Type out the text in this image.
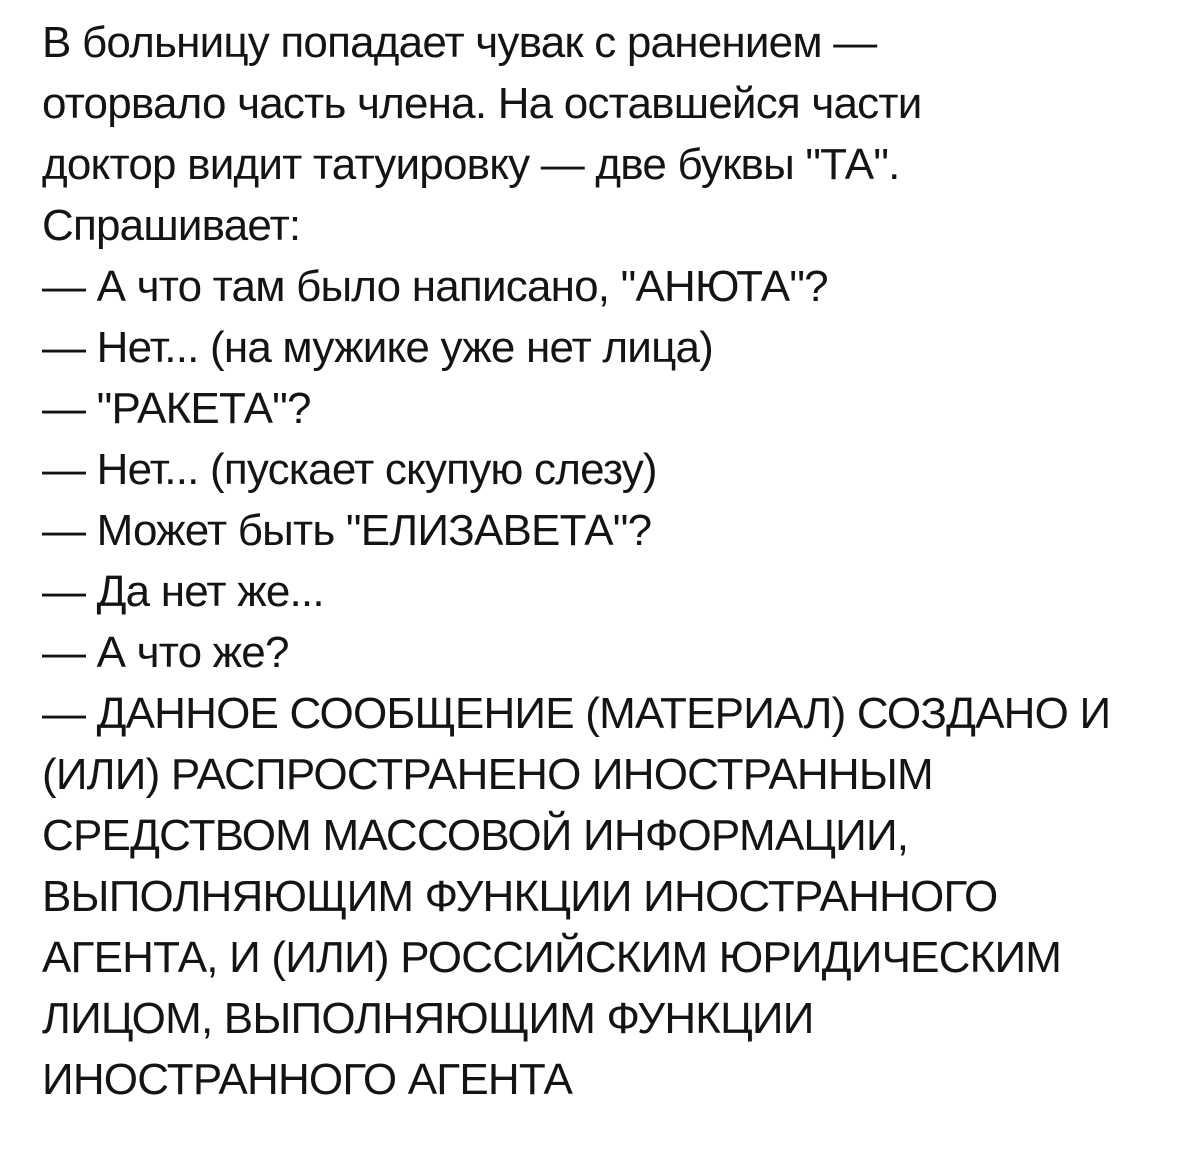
В больницу попадает чувак с ранением —
оторвало часть члена. На оставшейся части
доктор видит татуировку — две буквы "ТА".
Спрашивает:
— А что там было написано, "АНЮТА"?
— Нет... (на мужике уже нет лица)
— "РАКЕТА"?
— Нет... (пускает скупую слезу)
— Может быть "ЕЛИЗАВЕТА"?
— Да нет же...
— А что же?
— ДАННОЕ СООБЩЕНИЕ (МАТЕРИАЛ) СОЗДАНО И
(ИЛИ) РАСПРОСТРАНЕНО ИНОСТРАННЫМ
СРЕДСТВОМ МАССОВОЙ ИНФОРМАЦИИ,
ВЫПОЛНЯЮЩИМ ФУНКЦИИ ИНОСТРАННОГО
АГЕНТА, И (ИЛИ) РОССИЙСКИМ ЮРИДИЧЕСКИМ
ЛИЦОМ, ВЫПОЛНЯЮЩИМ ФУНКЦИИ
ИНОСТРАННОГО АГЕНТА
